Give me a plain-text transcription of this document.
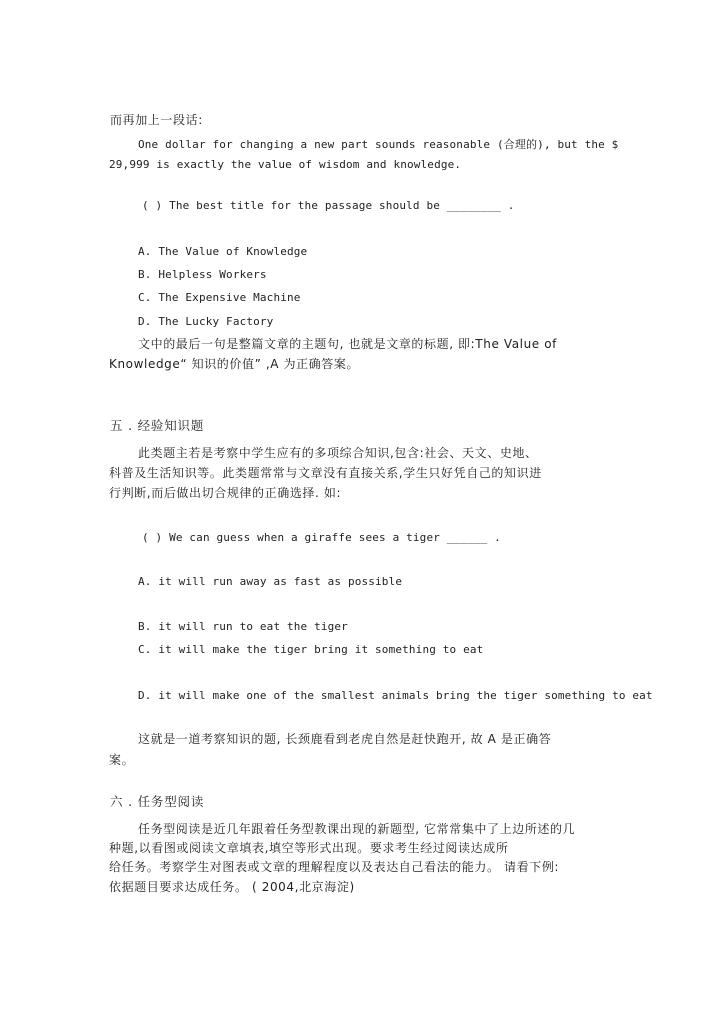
而再加上一段话:
One dollar for changing a new part sounds reasonable (合理的), but the $
29,999 is exactly the value of wisdom and knowledge.
( ) The best title for the passage should be ________ .
A. The Value of Knowledge
B. Helpless Workers
C. The Expensive Machine
D. The Lucky Factory
文中的最后一句是整篇文章的主题句, 也就是文章的标题, 即:The Value of
Knowledge“ 知识的价值” ,A 为正确答案。
五 . 经验知识题
此类题主若是考察中学生应有的多项综合知识,包含:社会、天文、史地、
科普及生活知识等。此类题常常与文章没有直接关系,学生只好凭自己的知识进
行判断,而后做出切合规律的正确选择. 如:
( ) We can guess when a giraffe sees a tiger ______ .
A. it will run away as fast as possible
B. it will run to eat the tiger
C. it will make the tiger bring it something to eat
D. it will make one of the smallest animals bring the tiger something to eat
这就是一道考察知识的题, 长颈鹿看到老虎自然是赶快跑开, 故 A 是正确答
案。
六 . 任务型阅读
任务型阅读是近几年跟着任务型教课出现的新题型, 它常常集中了上边所述的几
种题,以看图或阅读文章填表,填空等形式出现。要求考生经过阅读达成所
给任务。考察学生对图表或文章的理解程度以及表达自己看法的能力。 请看下例:
依据题目要求达成任务。 ( 2004,北京海淀)
